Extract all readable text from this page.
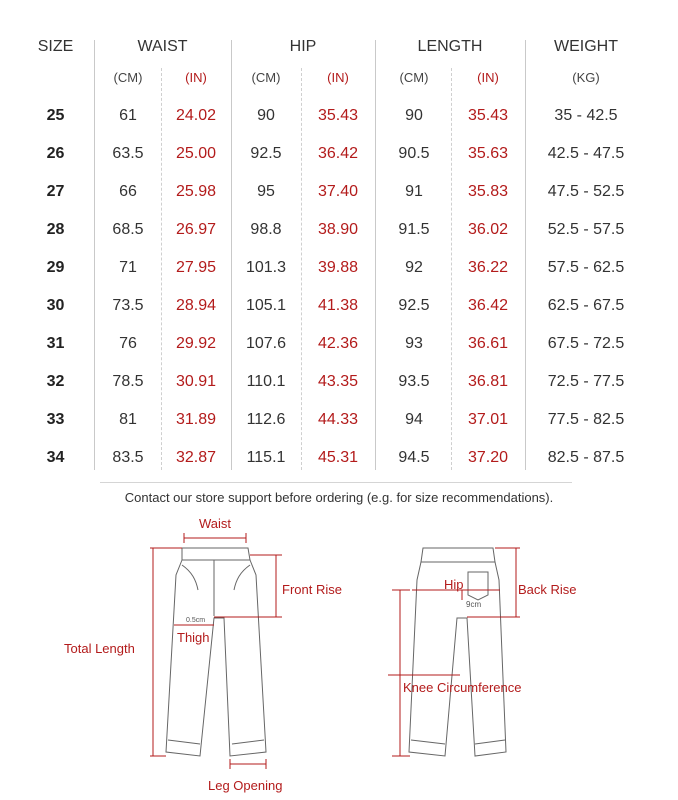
SIZE	WAIST	HIP	LENGTH	WEIGHT
(CM)	(IN)	(CM)	(IN)	(CM)	(IN)	(KG)
25	61	24.02	90	35.43	90	35.43	35 - 42.5
26	63.5	25.00	92.5	36.42	90.5	35.63	42.5 - 47.5
27	66	25.98	95	37.40	91	35.83	47.5 - 52.5
28	68.5	26.97	98.8	38.90	91.5	36.02	52.5 - 57.5
29	71	27.95	101.3	39.88	92	36.22	57.5 - 62.5
30	73.5	28.94	105.1	41.38	92.5	36.42	62.5 - 67.5
31	76	29.92	107.6	42.36	93	36.61	67.5 - 72.5
32	78.5	30.91	110.1	43.35	93.5	36.81	72.5 - 77.5
33	81	31.89	112.6	44.33	94	37.01	77.5 - 82.5
34	83.5	32.87	115.1	45.31	94.5	37.20	82.5 - 87.5
Contact our store support before ordering (e.g. for size recommendations).
Waist
Front Rise
Total Length
0.5cm
Thigh
Leg Opening
Hip
9cm
Back Rise
Knee Circumference
